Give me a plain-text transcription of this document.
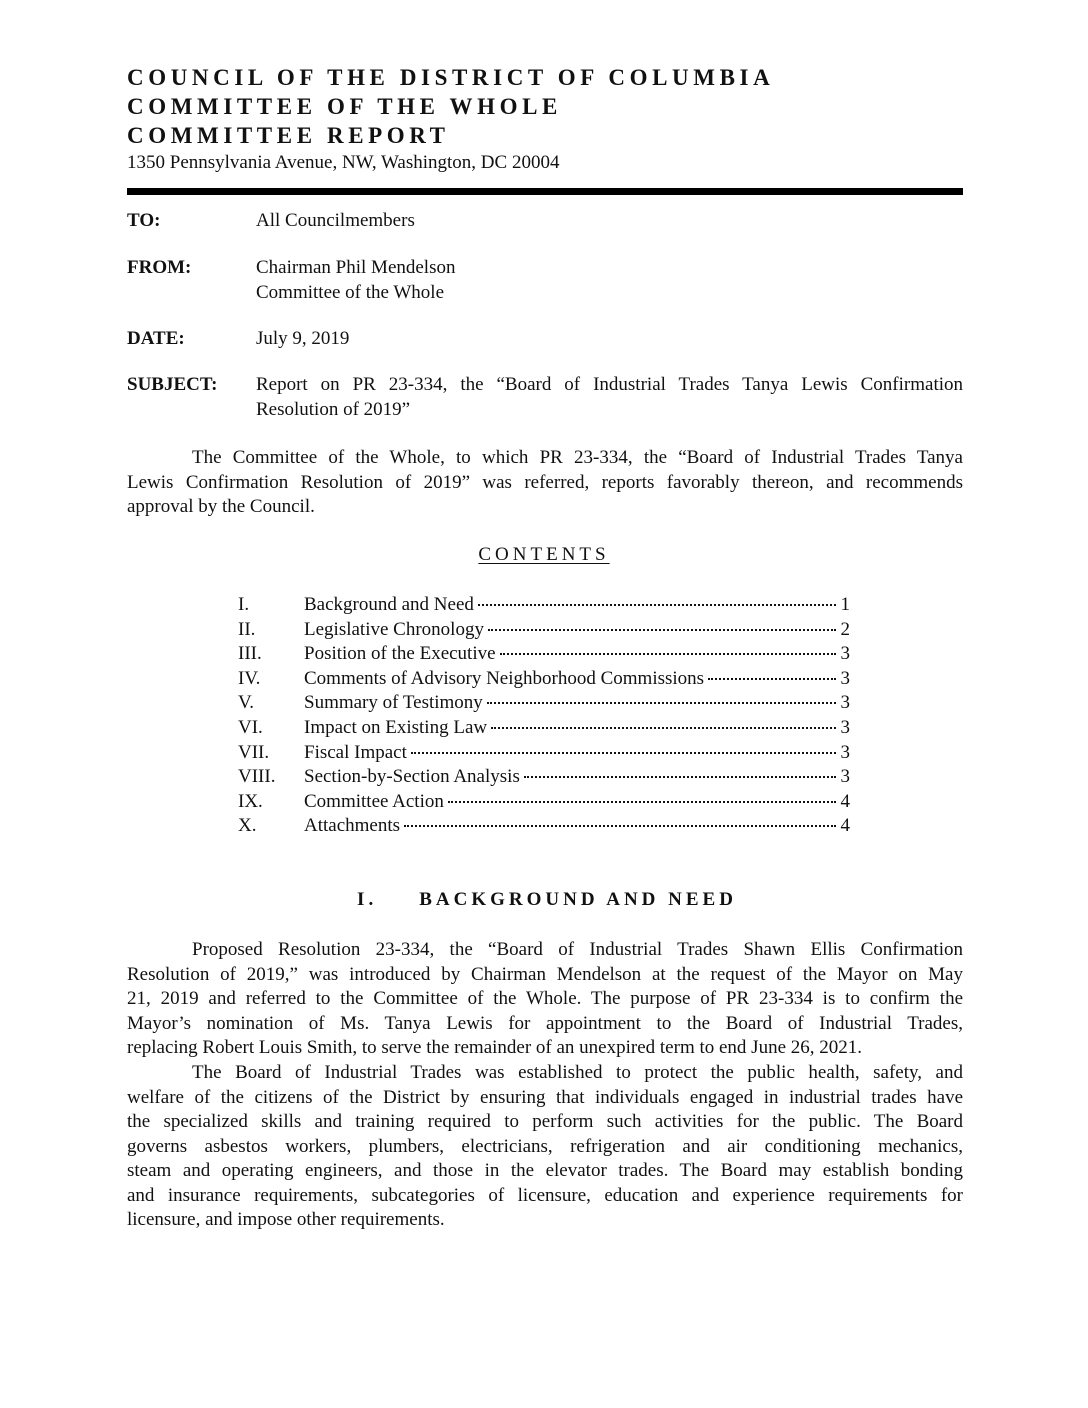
COUNCIL OF THE DISTRICT OF COLUMBIA
COMMITTEE OF THE WHOLE
COMMITTEE REPORT
1350 Pennsylvania Avenue, NW, Washington, DC 20004
TO:	All Councilmembers
FROM:	Chairman Phil Mendelson
Committee of the Whole
DATE:	July 9, 2019
SUBJECT: Report on PR 23-334, the “Board of Industrial Trades Tanya Lewis Confirmation
Resolution of 2019”
The Committee of the Whole, to which PR 23-334, the “Board of Industrial Trades Tanya
Lewis Confirmation Resolution of 2019” was referred, reports favorably thereon, and recommends
approval by the Council.
CONTENTS
I.	Background and Need	1
II.	Legislative Chronology	2
III. Position of the Executive	3
IV. Comments of Advisory Neighborhood Commissions	3
V.	Summary of Testimony	3
VI. Impact on Existing Law	3
VII. Fiscal Impact	3
VIII. Section-by-Section Analysis	3
IX. Committee Action	4
X.	Attachments	4
I. BACKGROUND AND NEED
Proposed Resolution 23-334, the “Board of Industrial Trades Shawn Ellis Confirmation
Resolution of 2019,” was introduced by Chairman Mendelson at the request of the Mayor on May
21, 2019 and referred to the Committee of the Whole. The purpose of PR 23-334 is to confirm the
Mayor’s nomination of Ms. Tanya Lewis for appointment to the Board of Industrial Trades,
replacing Robert Louis Smith, to serve the remainder of an unexpired term to end June 26, 2021.
The Board of Industrial Trades was established to protect the public health, safety, and
welfare of the citizens of the District by ensuring that individuals engaged in industrial trades have
the specialized skills and training required to perform such activities for the public. The Board
governs asbestos workers, plumbers, electricians, refrigeration and air conditioning mechanics,
steam and operating engineers, and those in the elevator trades. The Board may establish bonding
and insurance requirements, subcategories of licensure, education and experience requirements for
licensure, and impose other requirements.
